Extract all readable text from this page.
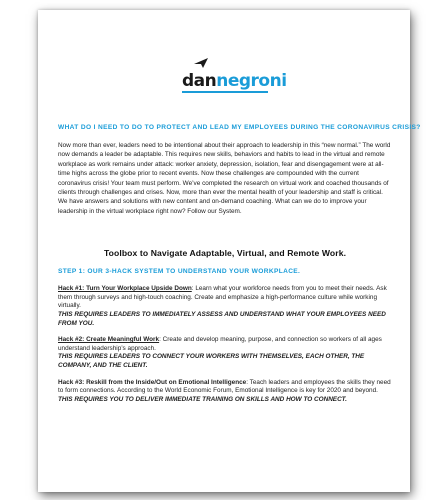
dannegroni
WHAT DO I NEED TO DO TO PROTECT AND LEAD MY EMPLOYEES DURING THE CORONAVIRUS CRISIS?

Now more than ever, leaders need to be intentional about their approach to leadership in this “new normal.” The world now demands a leader be adaptable. This requires new skills, behaviors and habits to lead in the virtual and remote workplace as work remains under attack: worker anxiety, depression, isolation, fear and disengagement were at all-time highs across the globe prior to recent events. Now these challenges are compounded with the current coronavirus crisis! Your team must perform. We’ve completed the research on virtual work and coached thousands of clients through challenges and crises. Now, more than ever the mental health of your leadership and staff is critical. We have answers and solutions with new content and on-demand coaching. What can we do to improve your leadership in the virtual workplace right now? Follow our System.

Toolbox to Navigate Adaptable, Virtual, and Remote Work.
STEP 1: OUR 3-HACK SYSTEM TO UNDERSTAND YOUR WORKPLACE.

Hack #1: Turn Your Workplace Upside Down: Learn what your workforce needs from you to meet their needs. Ask them through surveys and high-touch coaching. Create and emphasize a high-performance culture while working virtually.
THIS REQUIRES LEADERS TO IMMEDIATELY ASSESS AND UNDERSTAND WHAT YOUR EMPLOYEES NEED FROM YOU.

Hack #2: Create Meaningful Work: Create and develop meaning, purpose, and connection so workers of all ages understand leadership’s approach.
THIS REQUIRES LEADERS TO CONNECT YOUR WORKERS WITH THEMSELVES, EACH OTHER, THE COMPANY, AND THE CLIENT.

Hack #3: Reskill from the Inside/Out on Emotional Intelligence: Teach leaders and employees the skills they need to form connections. According to the World Economic Forum, Emotional Intelligence is key for 2020 and beyond.
THIS REQUIRES YOU TO DELIVER IMMEDIATE TRAINING ON SKILLS AND HOW TO CONNECT.
